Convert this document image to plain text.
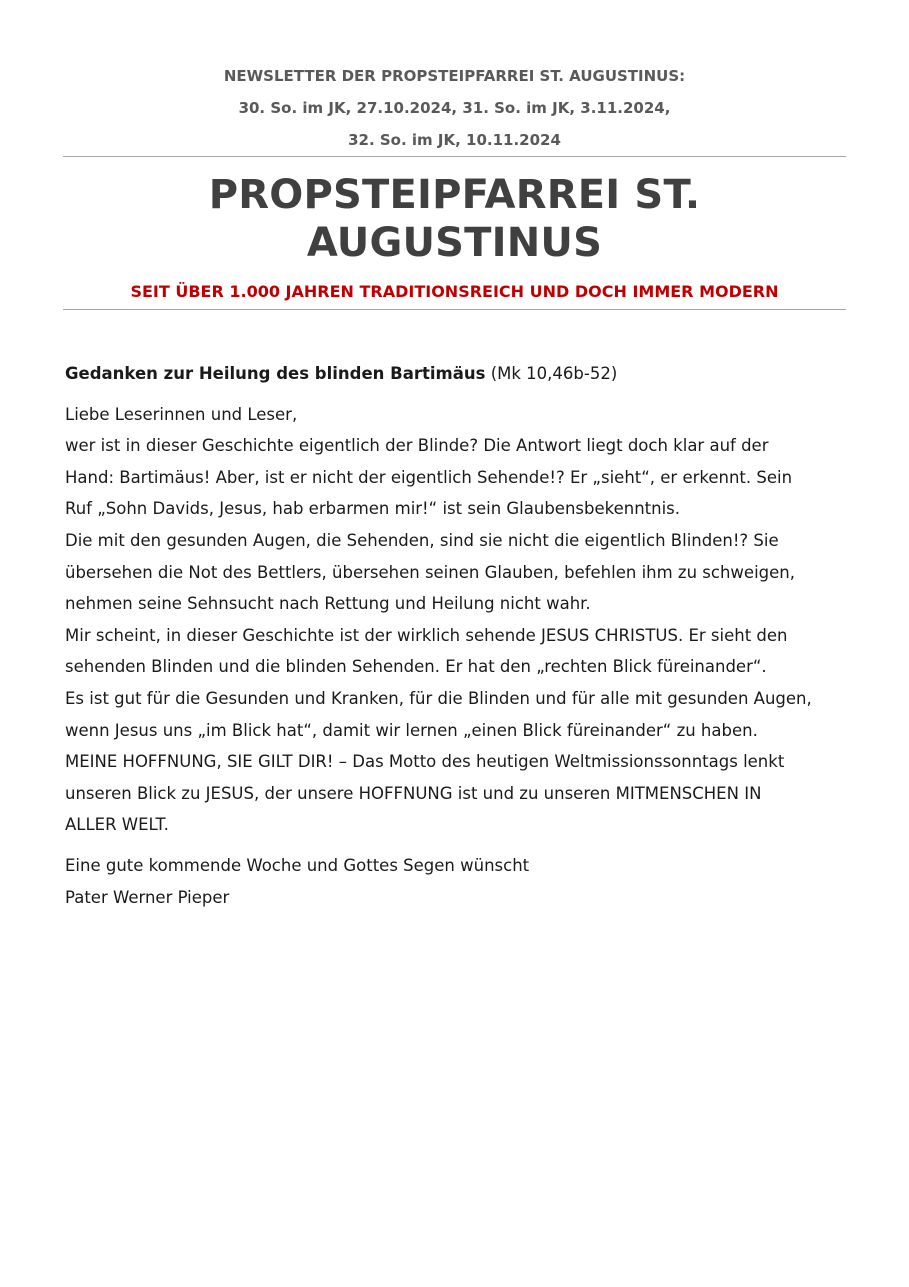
NEWSLETTER DER PROPSTEIPFARREI ST. AUGUSTINUS:
30. So. im JK, 27.10.2024, 31. So. im JK, 3.11.2024,
32. So. im JK, 10.11.2024
PROPSTEIPFARREI ST. AUGUSTINUS

SEIT ÜBER 1.000 JAHREN TRADITIONSREICH UND DOCH IMMER MODERN

Gedanken zur Heilung des blinden Bartimäus (Mk 10,46b-52)

Liebe Leserinnen und Leser,

wer ist in dieser Geschichte eigentlich der Blinde? Die Antwort liegt doch klar auf der
Hand: Bartimäus! Aber, ist er nicht der eigentlich Sehende!? Er „sieht“, er erkennt. Sein
Ruf „Sohn Davids, Jesus, hab erbarmen mir!“ ist sein Glaubensbekenntnis.
Die mit den gesunden Augen, die Sehenden, sind sie nicht die eigentlich Blinden!? Sie
übersehen die Not des Bettlers, übersehen seinen Glauben, befehlen ihm zu schweigen,
nehmen seine Sehnsucht nach Rettung und Heilung nicht wahr.
Mir scheint, in dieser Geschichte ist der wirklich sehende JESUS CHRISTUS. Er sieht den
sehenden Blinden und die blinden Sehenden. Er hat den „rechten Blick füreinander“.
Es ist gut für die Gesunden und Kranken, für die Blinden und für alle mit gesunden Augen,
wenn Jesus uns „im Blick hat“, damit wir lernen „einen Blick füreinander“ zu haben.
MEINE HOFFNUNG, SIE GILT DIR! – Das Motto des heutigen Weltmissionssonntags lenkt
unseren Blick zu JESUS, der unsere HOFFNUNG ist und zu unseren MITMENSCHEN IN
ALLER WELT.

Eine gute kommende Woche und Gottes Segen wünscht
Pater Werner Pieper
